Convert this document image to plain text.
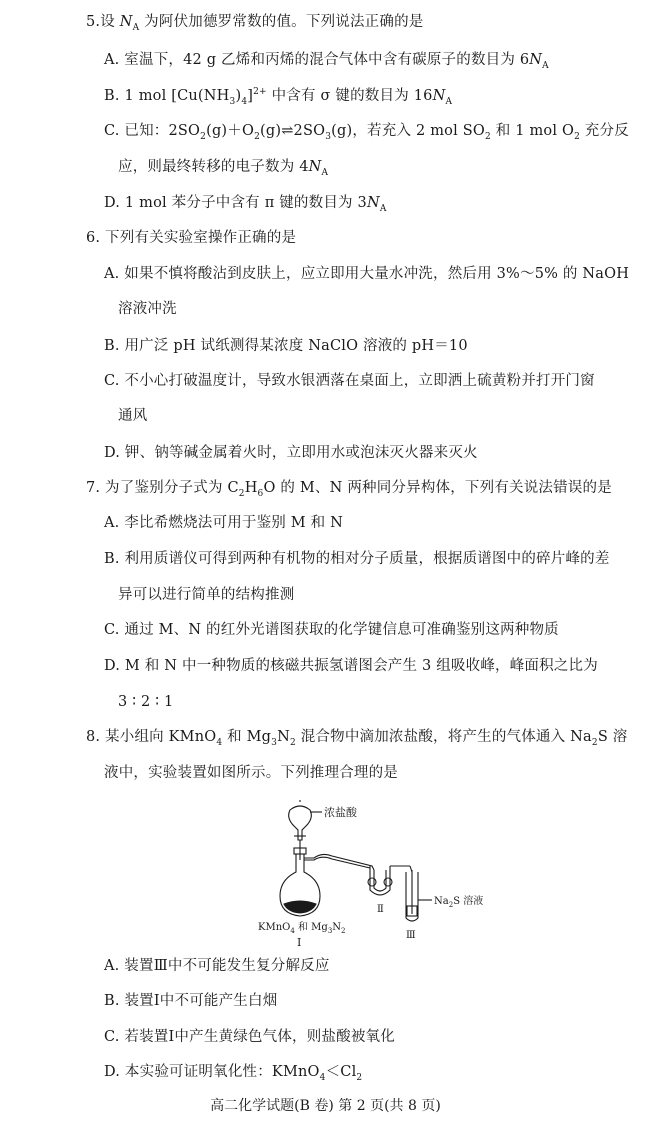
5.设 $N_A$ 为阿伏加德罗常数的值。下列说法正确的是
A. 室温下，42 g 乙烯和丙烯的混合气体中含有碳原子的数目为 $6N_A$
B. 1 mol $[Cu(NH_3)_4]^{2+}$ 中含有 σ 键的数目为 $16N_A$
C. 已知：$2SO_2(g)+O_2(g)\rightleftharpoons 2SO_3(g)$，若充入 2 mol $SO_2$ 和 1 mol $O_2$ 充分反
应，则最终转移的电子数为 $4N_A$
D. 1 mol 苯分子中含有 π 键的数目为 $3N_A$
6. 下列有关实验室操作正确的是
A. 如果不慎将酸沾到皮肤上，应立即用大量水冲洗，然后用 3%～5% 的 NaOH
溶液冲洗
B. 用广泛 pH 试纸测得某浓度 NaClO 溶液的 pH＝10
C. 不小心打破温度计，导致水银洒落在桌面上，立即洒上硫黄粉并打开门窗
通风
D. 钾、钠等碱金属着火时，立即用水或泡沫灭火器来灭火
7. 为了鉴别分子式为 $C_2H_6O$ 的 M、N 两种同分异构体，下列有关说法错误的是
A. 李比希燃烧法可用于鉴别 M 和 N
B. 利用质谱仪可得到两种有机物的相对分子质量，根据质谱图中的碎片峰的差
异可以进行简单的结构推测
C. 通过 M、N 的红外光谱图获取的化学键信息可准确鉴别这两种物质
D. M 和 N 中一种物质的核磁共振氢谱图会产生 3 组吸收峰，峰面积之比为
3 ∶ 2 ∶ 1
8. 某小组向 KMnO$_4$ 和 $Mg_3N_2$ 混合物中滴加浓盐酸，将产生的气体通入 $Na_2S$ 溶
液中，实验装置如图所示。下列推理合理的是
浓盐酸
KMnO$_4$ 和 $Mg_3N_2$
Ⅰ
Ⅱ
Ⅲ
$Na_2S$ 溶液
A. 装置Ⅲ中不可能发生复分解反应
B. 装置Ⅰ中不可能产生白烟
C. 若装置Ⅰ中产生黄绿色气体，则盐酸被氧化
D. 本实验可证明氧化性：$KMnO_4<Cl_2$
高二化学试题(B 卷) 第 2 页(共 8 页)
